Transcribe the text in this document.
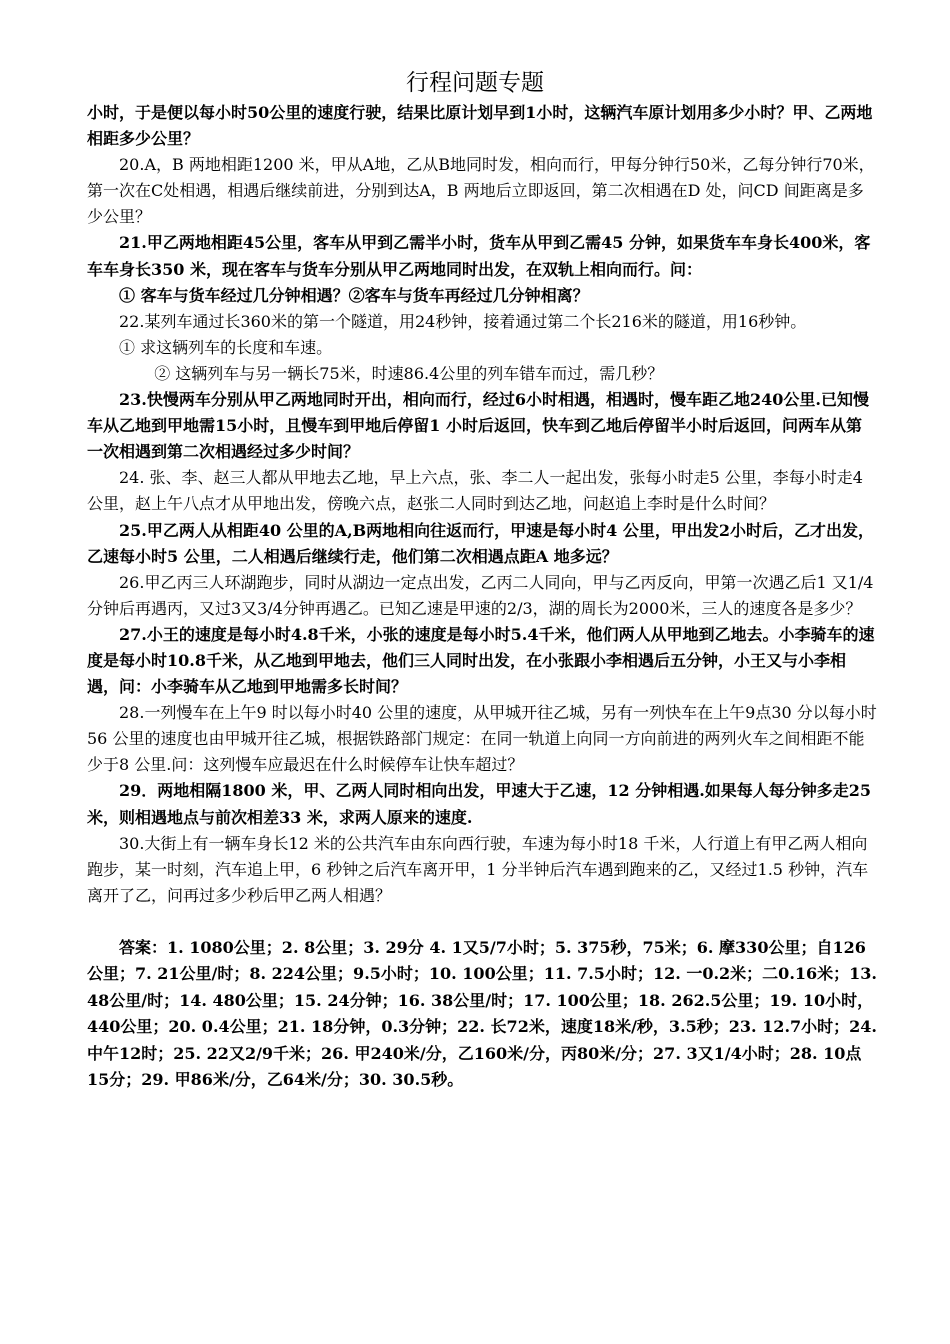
行程问题专题

小时，于是便以每小时50公里的速度行驶，结果比原计划早到1小时，这辆汽车原计划用多少小时？甲、乙两地相距多少公里？

20.A，B 两地相距1200 米，甲从A地，乙从B地同时发，相向而行，甲每分钟行50米，乙每分钟行70米，第一次在C处相遇，相遇后继续前进，分别到达A，B 两地后立即返回，第二次相遇在D 处，问CD 间距离是多少公里？

21.甲乙两地相距45公里，客车从甲到乙需半小时，货车从甲到乙需45 分钟，如果货车车身长400米，客车车身长350 米，现在客车与货车分别从甲乙两地同时出发，在双轨上相向而行。问：

① 客车与货车经过几分钟相遇？②客车与货车再经过几分钟相离？

22.某列车通过长360米的第一个隧道，用24秒钟，接着通过第二个长216米的隧道，用16秒钟。

① 求这辆列车的长度和车速。

② 这辆列车与另一辆长75米，时速86.4公里的列车错车而过，需几秒？

23.快慢两车分别从甲乙两地同时开出，相向而行，经过6小时相遇，相遇时，慢车距乙地240公里.已知慢车从乙地到甲地需15小时，且慢车到甲地后停留1 小时后返回，快车到乙地后停留半小时后返回，问两车从第一次相遇到第二次相遇经过多少时间？

24. 张、李、赵三人都从甲地去乙地，早上六点，张、李二人一起出发，张每小时走5 公里，李每小时走4 公里，赵上午八点才从甲地出发，傍晚六点，赵张二人同时到达乙地，问赵追上李时是什么时间？

25.甲乙两人从相距40 公里的A,B两地相向往返而行，甲速是每小时4 公里，甲出发2小时后，乙才出发，乙速每小时5 公里，二人相遇后继续行走，他们第二次相遇点距A 地多远？

26.甲乙丙三人环湖跑步，同时从湖边一定点出发，乙丙二人同向，甲与乙丙反向，甲第一次遇乙后1 又1/4分钟后再遇丙，又过3又3/4分钟再遇乙。已知乙速是甲速的2/3，湖的周长为2000米，三人的速度各是多少？

27.小王的速度是每小时4.8千米，小张的速度是每小时5.4千米，他们两人从甲地到乙地去。小李骑车的速度是每小时10.8千米，从乙地到甲地去，他们三人同时出发，在小张跟小李相遇后五分钟，小王又与小李相遇，问：小李骑车从乙地到甲地需多长时间？

28.一列慢车在上午9 时以每小时40 公里的速度，从甲城开往乙城，另有一列快车在上午9点30 分以每小时56 公里的速度也由甲城开往乙城，根据铁路部门规定：在同一轨道上向同一方向前进的两列火车之间相距不能少于8 公里.问：这列慢车应最迟在什么时候停车让快车超过？

29．两地相隔1800 米，甲、乙两人同时相向出发，甲速大于乙速，12 分钟相遇.如果每人每分钟多走25 米，则相遇地点与前次相差33 米，求两人原来的速度.

30.大街上有一辆车身长12 米的公共汽车由东向西行驶，车速为每小时18 千米，人行道上有甲乙两人相向跑步，某一时刻，汽车追上甲，6 秒钟之后汽车离开甲，1 分半钟后汽车遇到跑来的乙，又经过1.5 秒钟，汽车离开了乙，问再过多少秒后甲乙两人相遇？

答案：1. 1080公里；2. 8公里；3. 29分 4. 1又5/7小时；5. 375秒，75米；6. 摩330公里；自126公里；7. 21公里/时；8. 224公里；9.5小时；10. 100公里；11. 7.5小时；12. 一0.2米；二0.16米；13. 48公里/时；14. 480公里；15. 24分钟；16. 38公里/时；17. 100公里；18. 262.5公里；19. 10小时，440公里；20. 0.4公里；21. 18分钟，0.3分钟；22. 长72米，速度18米/秒，3.5秒；23. 12.7小时；24. 中午12时；25. 22又2/9千米；26. 甲240米/分，乙160米/分，丙80米/分；27. 3又1/4小时；28. 10点15分；29. 甲86米/分，乙64米/分；30. 30.5秒。
